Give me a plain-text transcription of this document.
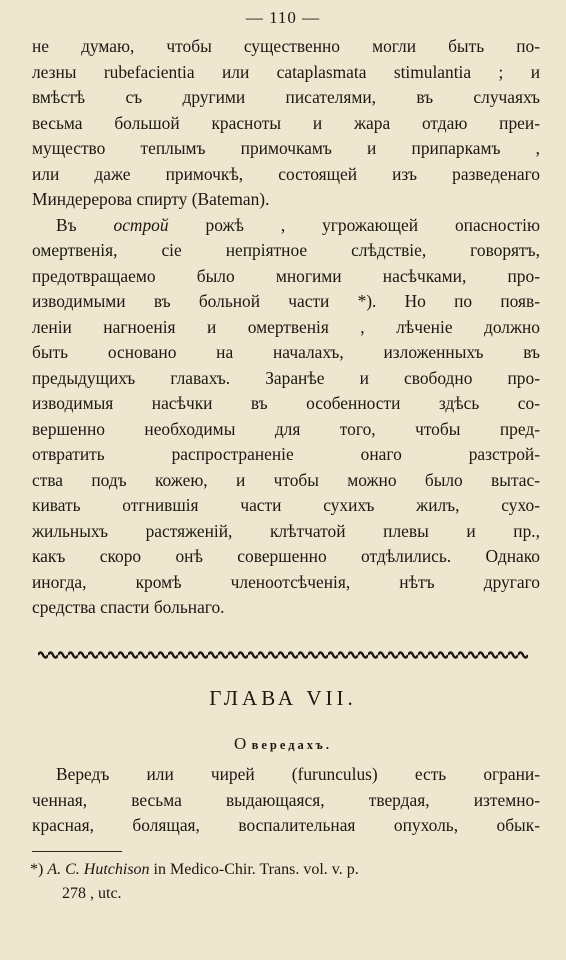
— 110 —
не думаю, чтобы существенно могли быть по-
лезны rubefacientia или cataplasmata stimulantia ; и
вмѣстѣ съ другими писателями, въ случаяхъ
весьма большой красноты и жара отдаю преи-
мущество теплымъ примочкамъ и припаркамъ ,
или даже примочкѣ, состоящей изъ разведенаго
Миндерерова спирту (Bateman).
Въ острой рожѣ , угрожающей опасностію
омертвенія, сіе непріятное слѣдствіе, говорятъ,
предотвращаемо было многими насѣчками, про-
изводимыми въ больной части *). Но по появ-
леніи нагноенія и омертвенія , лѣченіе должно
быть основано на началахъ, изложенныхъ въ
предыдущихъ главахъ. Заранѣе и свободно про-
изводимыя насѣчки въ особенности здѣсь со-
вершенно необходимы для того, чтобы пред-
отвратить распространеніе онаго разстрой-
ства подъ кожею, и чтобы можно было вытас-
кивать отгнившія части сухихъ жилъ, сухо-
жильныхъ растяженій, клѣтчатой плевы и пр.,
какъ скоро онѣ совершенно отдѣлились. Однако
иногда, кромѣ членоотсѣченія, нѣтъ другаго
средства спасти больнаго.
ГЛАВА VII.
О вередахъ.
Вередъ или чирей (furunculus) есть ограни-
ченная, весьма выдающаяся, твердая, изтемно-
красная, болящая, воспалительная опухоль, обык-
*) A. C. Hutchison in Medico-Chir. Trans. vol. v. p.
278 , utc.
